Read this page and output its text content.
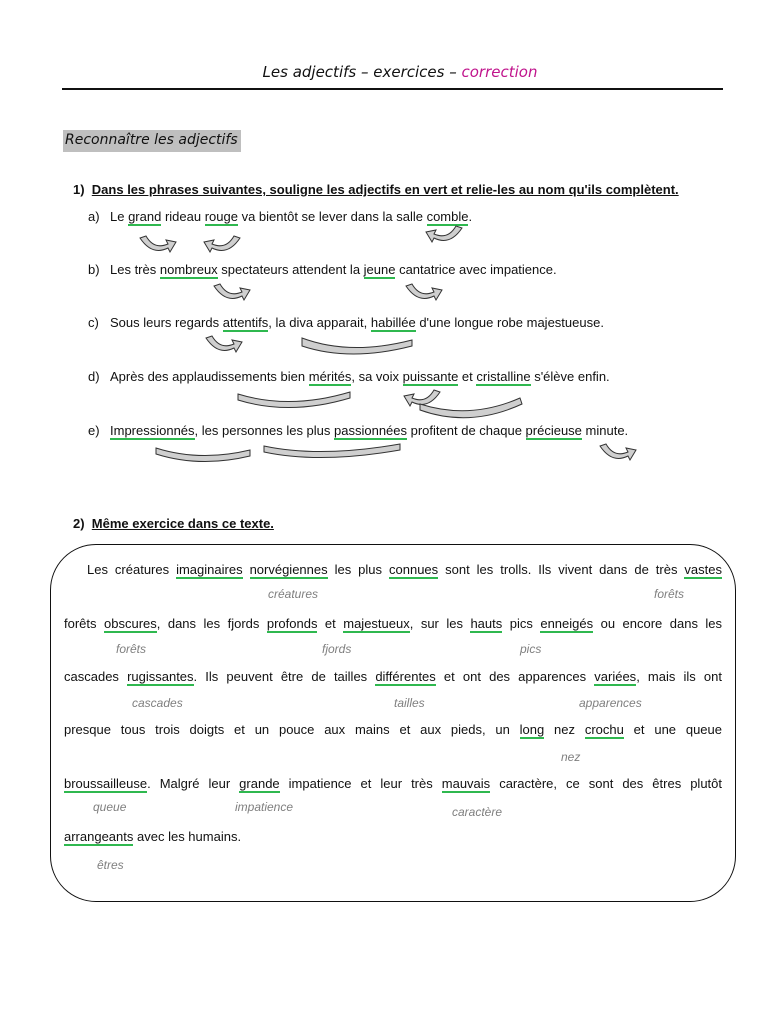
Les adjectifs – exercices – correction
Reconnaître les adjectifs
1) Dans les phrases suivantes, souligne les adjectifs en vert et relie-les au nom qu'ils complètent.
a) Le grand rideau rouge va bientôt se lever dans la salle comble.
b) Les très nombreux spectateurs attendent la jeune cantatrice avec impatience.
c) Sous leurs regards attentifs, la diva apparait, habillée d'une longue robe majestueuse.
d) Après des applaudissements bien mérités, sa voix puissante et cristalline s'élève enfin.
e) Impressionnés, les personnes les plus passionnées profitent de chaque précieuse minute.
2) Même exercice dans ce texte.
Les créatures imaginaires norvégiennes les plus connues sont les trolls. Ils vivent dans de très vastes
forêts obscures, dans les fjords profonds et majestueux, sur les hauts pics enneigés ou encore dans les
cascades rugissantes. Ils peuvent être de tailles différentes et ont des apparences variées, mais ils ont
presque tous trois doigts et un pouce aux mains et aux pieds, un long nez crochu et une queue
broussailleuse. Malgré leur grande impatience et leur très mauvais caractère, ce sont des êtres plutôt
arrangeants avec les humains.
créatures	forêts
forêts	fjords	pics
cascades	tailles	apparences
nez
queue	impatience	caractère
êtres
